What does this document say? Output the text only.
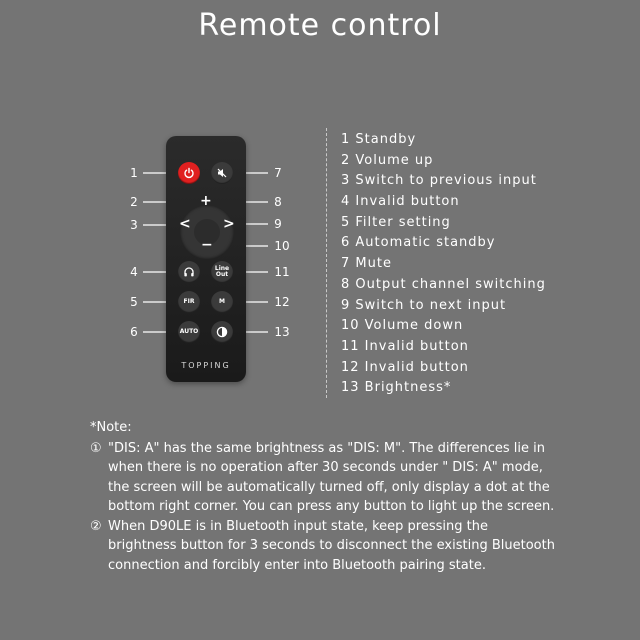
Remote control
+
< >
−
Line
Out
FIR	M
AUTO
TOPPING
1
2
3
4
5
6
7
8
9
10
11
12
13
1 Standby
2 Volume up
3 Switch to previous input
4 Invalid button
5 Filter setting
6 Automatic standby
7 Mute
8 Output channel switching
9 Switch to next input
10 Volume down
11 Invalid button
12 Invalid button
13 Brightness*
*Note:
① "DIS: A" has the same brightness as "DIS: M". The differences lie in when there is no operation after 30 seconds under " DIS: A" mode, the screen will be automatically turned off, only display a dot at the bottom right corner. You can press any button to light up the screen.
② When D90LE is in Bluetooth input state, keep pressing the brightness button for 3 seconds to disconnect the existing Bluetooth connection and forcibly enter into Bluetooth pairing state.
